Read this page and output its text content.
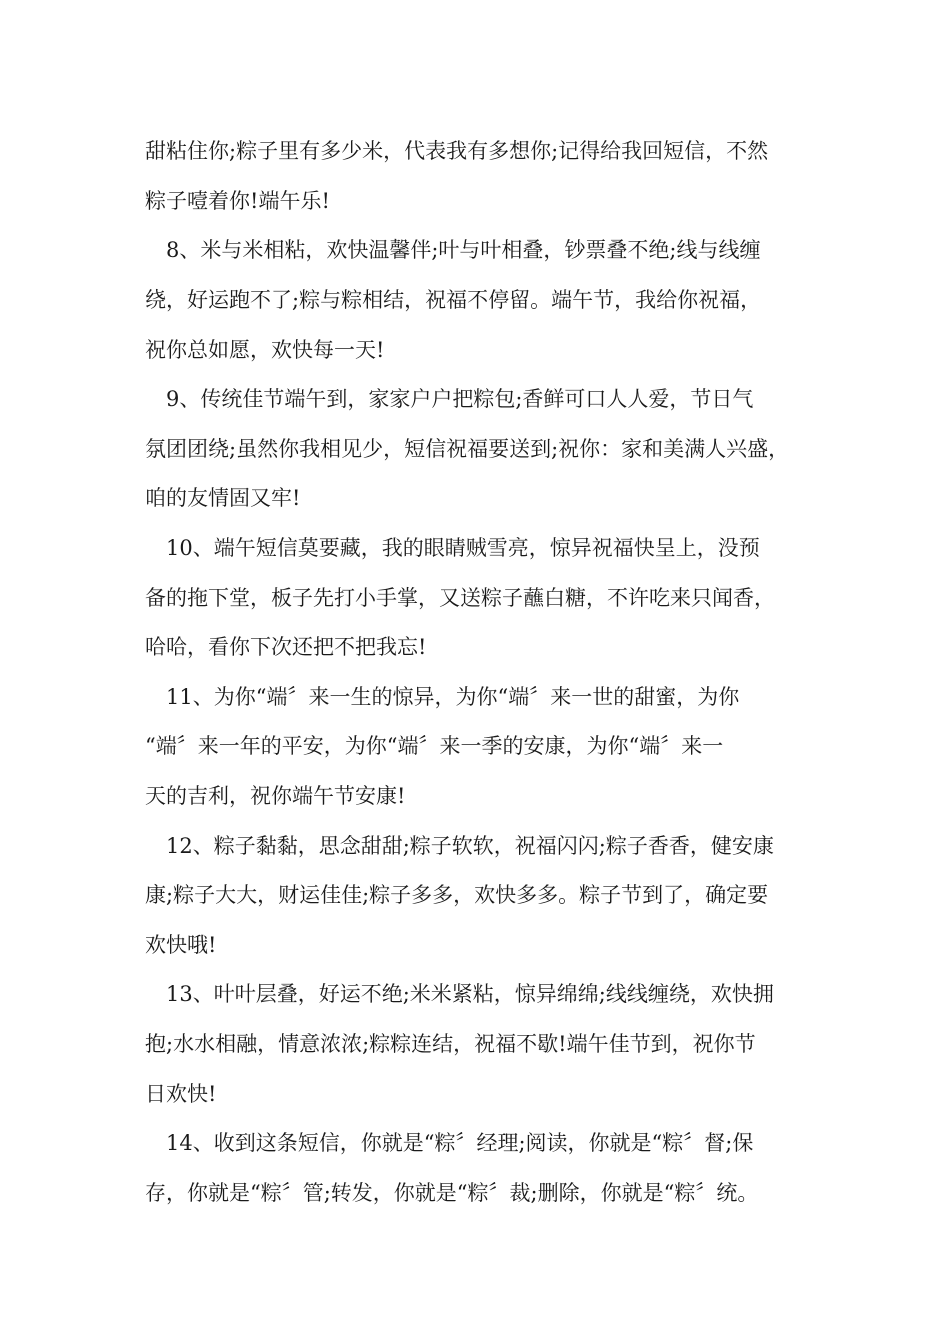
甜粘住你;粽子里有多少米，代表我有多想你;记得给我回短信，不然
粽子噎着你!端午乐!
8、米与米相粘，欢快温馨伴;叶与叶相叠，钞票叠不绝;线与线缠
绕，好运跑不了;粽与粽相结，祝福不停留。端午节，我给你祝福，
祝你总如愿，欢快每一天!
9、传统佳节端午到，家家户户把粽包;香鲜可口人人爱，节日气
氛团团绕;虽然你我相见少，短信祝福要送到;祝你：家和美满人兴盛，
咱的友情固又牢!
10、端午短信莫要藏，我的眼睛贼雪亮，惊异祝福快呈上，没预
备的拖下堂，板子先打小手掌，又送粽子蘸白糖，不许吃来只闻香，
哈哈，看你下次还把不把我忘!
11、为你“端〞来一生的惊异，为你“端〞来一世的甜蜜，为你
“端〞来一年的平安，为你“端〞来一季的安康，为你“端〞来一
天的吉利，祝你端午节安康!
12、粽子黏黏，思念甜甜;粽子软软，祝福闪闪;粽子香香，健安康
康;粽子大大，财运佳佳;粽子多多，欢快多多。粽子节到了，确定要
欢快哦!
13、叶叶层叠，好运不绝;米米紧粘，惊异绵绵;线线缠绕，欢快拥
抱;水水相融，情意浓浓;粽粽连结，祝福不歇!端午佳节到，祝你节
日欢快!
14、收到这条短信，你就是“粽〞经理;阅读，你就是“粽〞督;保
存，你就是“粽〞管;转发，你就是“粽〞裁;删除，你就是“粽〞统。
